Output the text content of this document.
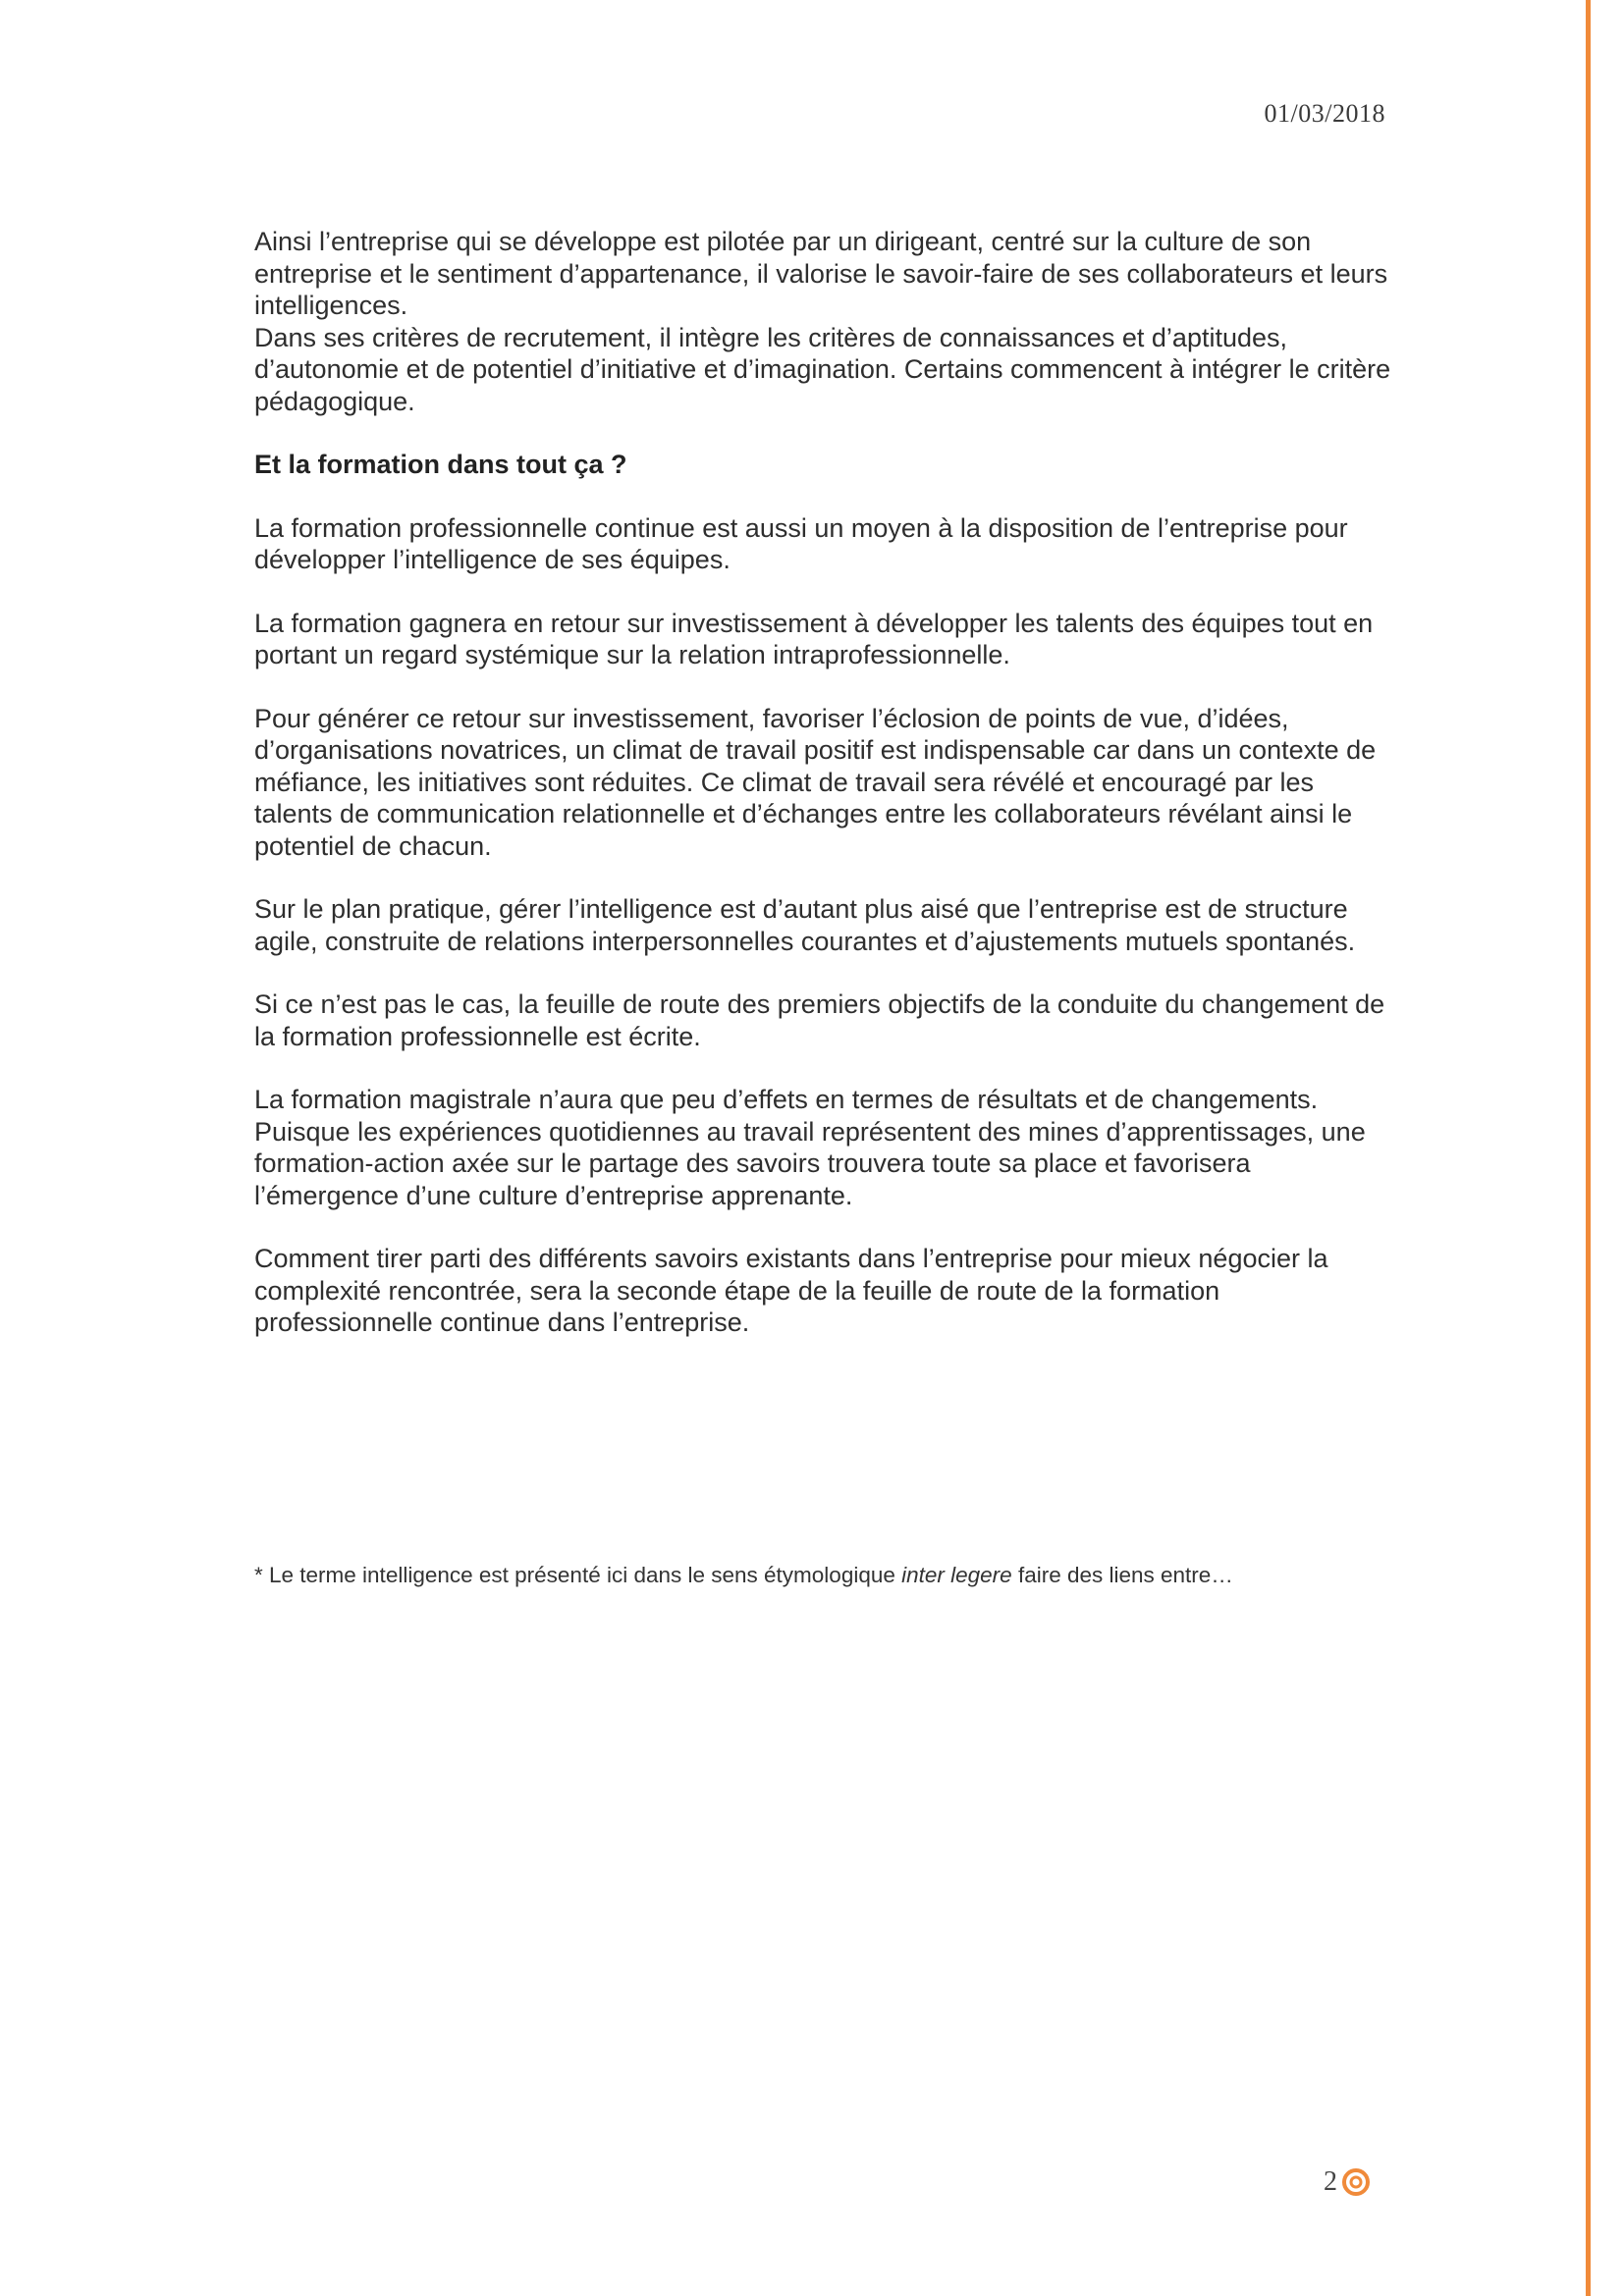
01/03/2018

Ainsi l’entreprise qui se développe est pilotée par un dirigeant, centré sur la culture de son entreprise et le sentiment d’appartenance, il valorise le savoir-faire de ses collaborateurs et leurs intelligences.

Dans ses critères de recrutement, il intègre les critères de connaissances et d’aptitudes, d’autonomie et de potentiel d’initiative et d’imagination. Certains commencent à intégrer le critère pédagogique.

Et la formation dans tout ça ?

La formation professionnelle continue est aussi un moyen à la disposition de l’entreprise pour développer l’intelligence de ses équipes.

La formation gagnera en retour sur investissement à développer les talents des équipes tout en portant un regard systémique sur la relation intraprofessionnelle.

Pour générer ce retour sur investissement, favoriser l’éclosion de points de vue, d’idées, d’organisations novatrices, un climat de travail positif est indispensable car dans un contexte de méfiance, les initiatives sont réduites. Ce climat de travail sera révélé et encouragé par les talents de communication relationnelle et d’échanges entre les collaborateurs révélant ainsi le potentiel de chacun.

Sur le plan pratique, gérer l’intelligence est d’autant plus aisé que l’entreprise est de structure agile, construite de relations interpersonnelles courantes et d’ajustements mutuels spontanés.

Si ce n’est pas le cas, la feuille de route des premiers objectifs de la conduite du changement de la formation professionnelle est écrite.

La formation magistrale n’aura que peu d’effets en termes de résultats et de changements. Puisque les expériences quotidiennes au travail représentent des mines d’apprentissages, une formation-action axée sur le partage des savoirs trouvera toute sa place et favorisera l’émergence d’une culture d’entreprise apprenante.

Comment tirer parti des différents savoirs existants dans l’entreprise pour mieux négocier la complexité rencontrée, sera la seconde étape de la feuille de route de la formation professionnelle continue dans l’entreprise.

* Le terme intelligence est présenté ici dans le sens étymologique inter legere faire des liens entre…
2
